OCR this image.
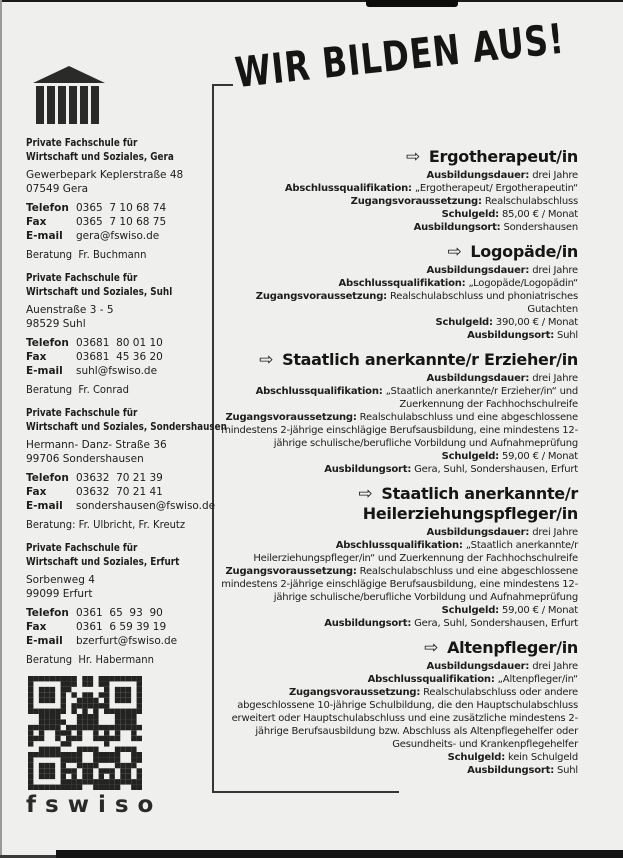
WIR BILDEN AUS!
Private Fachschule für
Wirtschaft und Soziales, Gera
Gewerbepark Keplerstraße 48
07549 Gera
Telefon 0365  7 10 68 74
Fax	0365  7 10 68 75
E-mail	gera@fswiso.de
Beratung  Fr. Buchmann
Private Fachschule für
Wirtschaft und Soziales, Suhl
Auenstraße 3 - 5
98529 Suhl
Telefon 03681  80 01 10
Fax	03681  45 36 20
E-mail	suhl@fswiso.de
Beratung  Fr. Conrad
Private Fachschule für
Wirtschaft und Soziales, Sondershausen
Hermann- Danz- Straße 36
99706 Sondershausen
Telefon 03632  70 21 39
Fax	03632  70 21 41
E-mail	sondershausen@fswiso.de
Beratung: Fr. Ulbricht, Fr. Kreutz
Private Fachschule für
Wirtschaft und Soziales, Erfurt
Sorbenweg 4
99099 Erfurt
Telefon 0361  65  93  90
Fax	0361  6 59 39 19
E-mail	bzerfurt@fswiso.de
Beratung  Hr. Habermann
fswiso
⇨ Ergotherapeut/in
Ausbildungsdauer: drei Jahre
Abschlussqualifikation: „Ergotherapeut/ Ergotherapeutin“
Zugangsvoraussetzung: Realschulabschluss
Schulgeld: 85,00 € / Monat
Ausbildungsort: Sondershausen
⇨ Logopäde/in
Ausbildungsdauer: drei Jahre
Abschlussqualifikation: „Logopäde/Logopädin“
Zugangsvoraussetzung: Realschulabschluss und phoniatrisches Gutachten
Schulgeld: 390,00 € / Monat
Ausbildungsort: Suhl
⇨ Staatlich anerkannte/r Erzieher/in
Ausbildungsdauer: drei Jahre
Abschlussqualifikation: „Staatlich anerkannte/r Erzieher/in“ und Zuerkennung der Fachhochschulreife
Zugangsvoraussetzung: Realschulabschluss und eine abgeschlossene mindestens 2-jährige einschlägige Berufsausbildung, eine mindestens 12-jährige schulische/berufliche Vorbildung und Aufnahmeprüfung
Schulgeld: 59,00 € / Monat
Ausbildungsort: Gera, Suhl, Sondershausen, Erfurt
⇨ Staatlich anerkannte/r Heilerziehungspfleger/in
Ausbildungsdauer: drei Jahre
Abschlussqualifikation: „Staatlich anerkannte/r Heilerziehungspfleger/in“ und Zuerkennung der Fachhochschulreife
Zugangsvoraussetzung: Realschulabschluss und eine abgeschlossene mindestens 2-jährige einschlägige Berufsausbildung, eine mindestens 12-jährige schulische/berufliche Vorbildung und Aufnahmeprüfung
Schulgeld: 59,00 € / Monat
Ausbildungsort: Gera, Suhl, Sondershausen, Erfurt
⇨ Altenpfleger/in
Ausbildungsdauer: drei Jahre
Abschlussqualifikation: „Altenpfleger/in“
Zugangsvoraussetzung: Realschulabschluss oder andere abgeschlossene 10-jährige Schulbildung, die den Hauptschulabschluss erweitert oder Hauptschulabschluss und eine zusätzliche mindestens 2-jährige Berufsausbildung bzw. Abschluss als Altenpflegehelfer oder Gesundheits- und Krankenpflegehelfer
Schulgeld: kein Schulgeld
Ausbildungsort: Suhl
